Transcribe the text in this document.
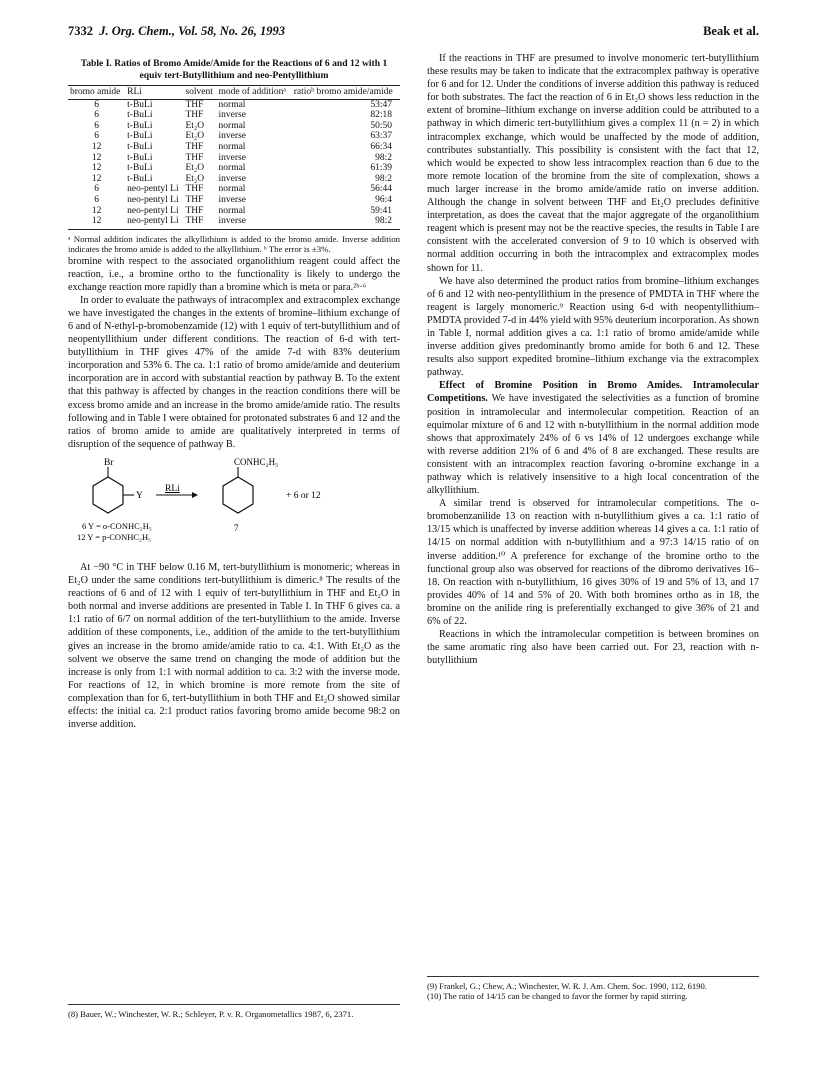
7332 J. Org. Chem., Vol. 58, No. 26, 1993	Beak et al.
Table I. Ratios of Bromo Amide/Amide for the Reactions of 6 and 12 with 1 equiv tert-Butyllithium and neo-Pentyllithium
bromo amide	RLi	solvent	mode of additionᵃ	ratioᵇ bromo amide/amide
6	t-BuLi	THF	normal	53:47
6	t-BuLi	THF	inverse	82:18
6	t-BuLi	Et₂O	normal	50:50
6	t-BuLi	Et₂O	inverse	63:37
12	t-BuLi	THF	normal	66:34
12	t-BuLi	THF	inverse	98:2
12	t-BuLi	Et₂O	normal	61:39
12	t-BuLi	Et₂O	inverse	98:2
6	neo-pentyl Li	THF	normal	56:44
6	neo-pentyl Li	THF	inverse	96:4
12	neo-pentyl Li	THF	normal	59:41
12	neo-pentyl Li	THF	inverse	98:2
ᵃ Normal addition indicates the alkyllithium is added to the bromo amide. Inverse addition indicates the bromo amide is added to the alkyllithium. ᵇ The error is ±3%.

bromine with respect to the associated organolithium reagent could affect the reaction, i.e., a bromine ortho to the functionality is likely to undergo the exchange reaction more rapidly than a bromine which is meta or para.²ᵇ·⁶

In order to evaluate the pathways of intracomplex and extracomplex exchange we have investigated the changes in the extents of bromine–lithium exchange of 6 and of N-ethyl-p-bromobenzamide (12) with 1 equiv of tert-butyllithium and of neopentyllithium under different conditions. The reaction of 6-d with tert-butyllithium in THF gives 47% of the amide 7-d with 83% deuterium incorporation and 53% 6. The ca. 1:1 ratio of bromo amide/amide and deuterium incorporation are in accord with substantial reaction by pathway B. To the extent that this pathway is affected by changes in the reaction conditions there will be excess bromo amide and an increase in the bromo amide/amide ratio. The results following and in Table I were obtained for protonated substrates 6 and 12 and the ratios of bromo amide to amide are qualitatively interpreted in terms of disruption of the sequence of pathway B.

Br
Y
RLi
CONHC₂H₅
+ 6 or 12
6 Y = o-CONHC₂H₅
12 Y = p-CONHC₂H₅
7

At −90 °C in THF below 0.16 M, tert-butyllithium is monomeric; whereas in Et₂O under the same conditions tert-butyllithium is dimeric.⁸ The results of the reactions of 6 and of 12 with 1 equiv of tert-butyllithium in THF and Et₂O in both normal and inverse additions are presented in Table I. In THF 6 gives ca. a 1:1 ratio of 6/7 on normal addition of the tert-butyllithium to the amide. Inverse addition of these components, i.e., addition of the amide to the tert-butyllithium gives an increase in the bromo amide/amide ratio to ca. 4:1. With Et₂O as the solvent we observe the same trend on changing the mode of addition but the increase is only from 1:1 with normal addition to ca. 3:2 with the inverse mode. For reactions of 12, in which bromine is more remote from the site of complexation than for 6, tert-butyllithium in both THF and Et₂O showed similar effects: the initial ca. 2:1 product ratios favoring bromo amide become 98:2 on inverse addition.

If the reactions in THF are presumed to involve monomeric tert-butyllithium these results may be taken to indicate that the extracomplex pathway is operative for 6 and for 12. Under the conditions of inverse addition this pathway is reduced for both substrates. The fact the reaction of 6 in Et₂O shows less reduction in the extent of bromine–lithium exchange on inverse addition could be attributed to a pathway in which dimeric tert-butyllithium gives a complex 11 (n = 2) in which intracomplex exchange, which would be unaffected by the mode of addition, contributes substantially. This possibility is consistent with the fact that 12, which would be expected to show less intracomplex reaction than 6 due to the more remote location of the bromine from the site of complexation, shows a much larger increase in the bromo amide/amide ratio on inverse addition. Although the change in solvent between THF and Et₂O precludes definitive interpretation, as does the caveat that the major aggregate of the organolithium reagent which is present may not be the reactive species, the results in Table I are consistent with the accelerated conversion of 9 to 10 which is observed with normal addition occurring in both the intracomplex and extracomplex modes shown for 11.

We have also determined the product ratios from bromine–lithium exchanges of 6 and 12 with neo-pentyllithium in the presence of PMDTA in THF where the reagent is largely monomeric.⁹ Reaction using 6-d with neopentyllithium–PMDTA provided 7-d in 44% yield with 95% deuterium incorporation. As shown in Table I, normal addition gives a ca. 1:1 ratio of bromo amide/amide while inverse addition gives predominantly bromo amide for both 6 and 12. These results also support expedited bromine–lithium exchange via the extracomplex pathway.

Effect of Bromine Position in Bromo Amides. Intramolecular Competitions. We have investigated the selectivities as a function of bromine position in intramolecular and intermolecular competition. Reaction of an equimolar mixture of 6 and 12 with n-butyllithium in the normal addition mode shows that approximately 24% of 6 vs 14% of 12 undergoes exchange while with reverse addition 21% of 6 and 4% of 8 are exchanged. These results are consistent with an intracomplex reaction favoring o-bromine exchange in a pathway which is relatively insensitive to a high local concentration of the alkyllithium.

A similar trend is observed for intramolecular competitions. The o-bromobenzanilide 13 on reaction with n-butyllithium gives a ca. 1:1 ratio of 13/15 which is unaffected by inverse addition whereas 14 gives a ca. 1:1 ratio of 14/15 on normal addition with n-butyllithium and a 97:3 14/15 ratio of on inverse addition.¹⁰ A preference for exchange of the bromine ortho to the functional group also was observed for reactions of the dibromo derivatives 16–18. On reaction with n-butyllithium, 16 gives 30% of 19 and 5% of 13, and 17 provides 40% of 14 and 5% of 20. With both bromines ortho as in 18, the bromine on the anilide ring is preferentially exchanged to give 36% of 21 and 6% of 22.

Reactions in which the intramolecular competition is between bromines on the same aromatic ring also have been carried out. For 23, reaction with n-butyllithium

(8) Bauer, W.; Winchester, W. R.; Schleyer, P. v. R. Organometallics 1987, 6, 2371.
(9) Frankel, G.; Chew, A.; Winchester, W. R. J. Am. Chem. Soc. 1990, 112, 6190.
(10) The ratio of 14/15 can be changed to favor the former by rapid stirring.
